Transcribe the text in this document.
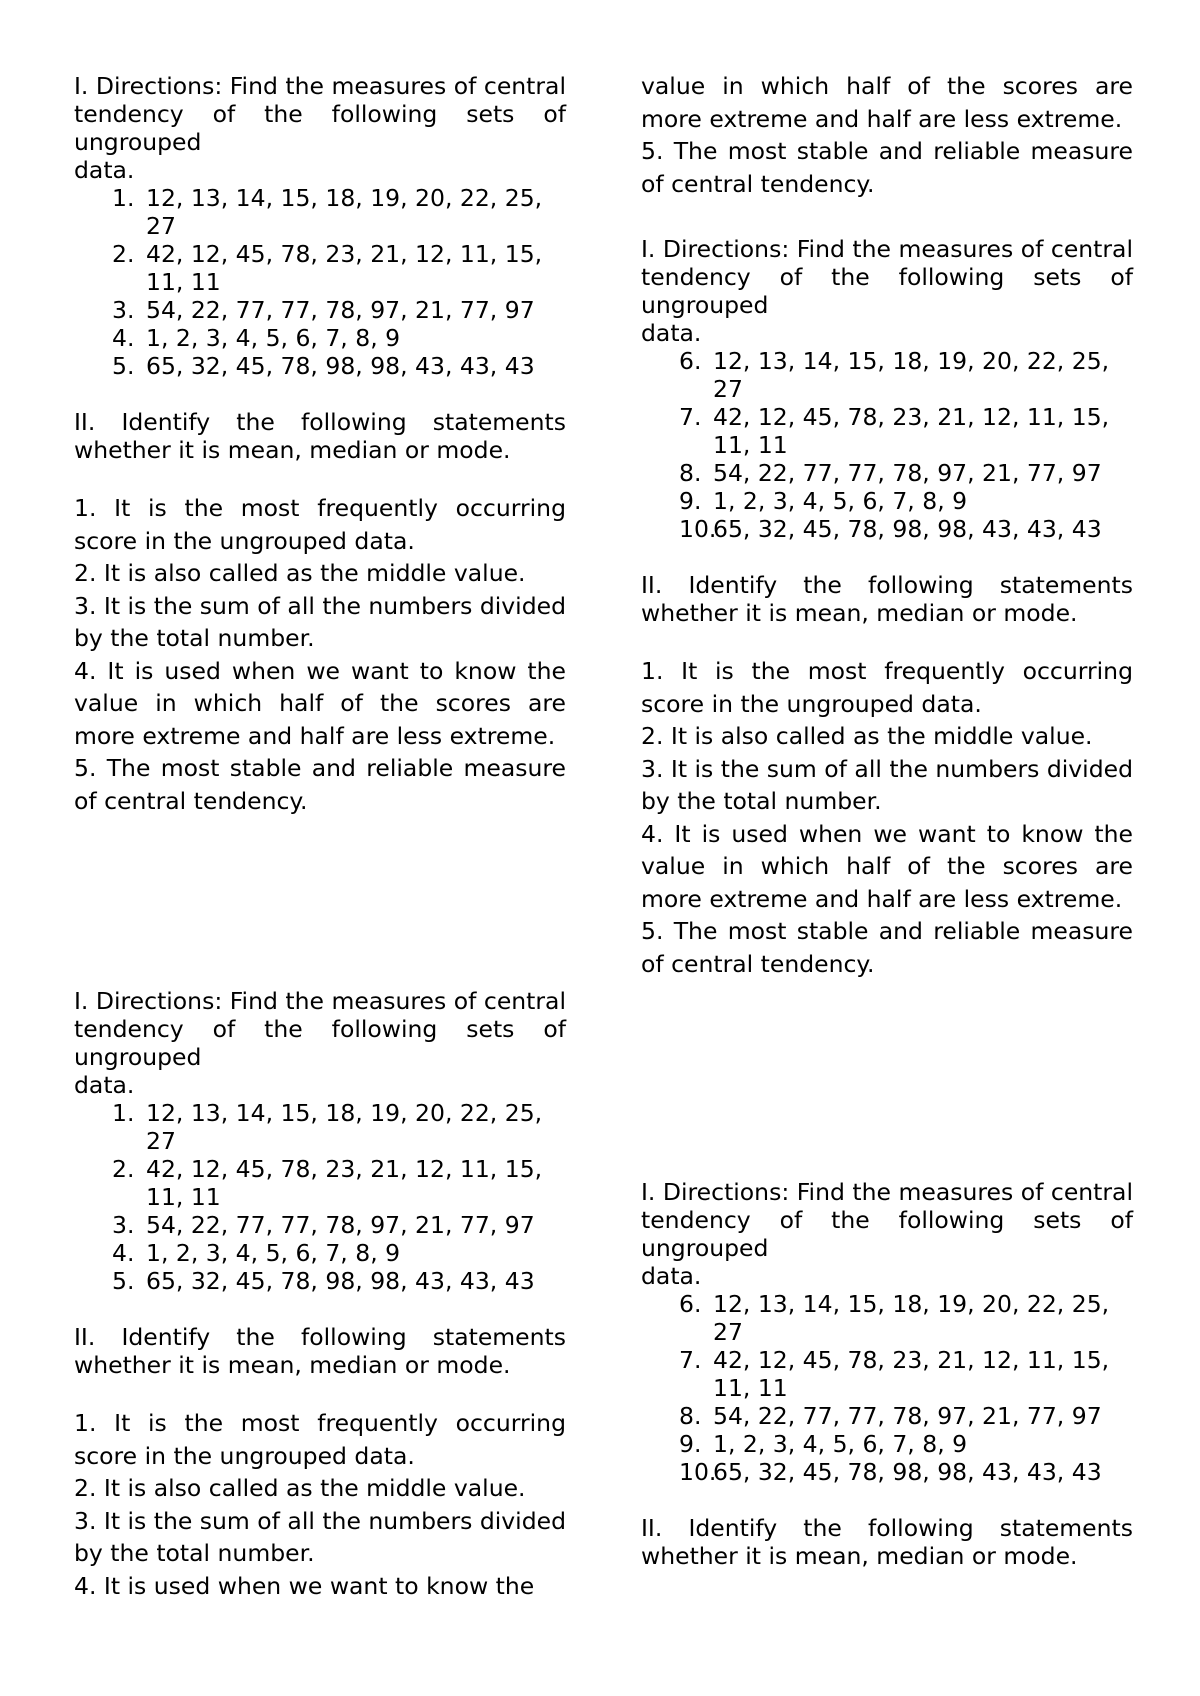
I. Directions: Find the measures of central tendency of the following sets of ungrouped
data.

1. 12, 13, 14, 15, 18, 19, 20, 22, 25, 27
2. 42, 12, 45, 78, 23, 21, 12, 11, 15, 11, 11
3. 54, 22, 77, 77, 78, 97, 21, 77, 97
4. 1, 2, 3, 4, 5, 6, 7, 8, 9
5. 65, 32, 45, 78, 98, 98, 43, 43, 43

II. Identify the following statements whether it is mean, median or mode.

1. It is the most frequently occurring score in the ungrouped data.

2. It is also called as the middle value.

3. It is the sum of all the numbers divided by the total number.

4. It is used when we want to know the value in which half of the scores are more extreme and half are less extreme.

5. The most stable and reliable measure of central tendency.

I. Directions: Find the measures of central tendency of the following sets of ungrouped
data.

1. 12, 13, 14, 15, 18, 19, 20, 22, 25, 27
2. 42, 12, 45, 78, 23, 21, 12, 11, 15, 11, 11
3. 54, 22, 77, 77, 78, 97, 21, 77, 97
4. 1, 2, 3, 4, 5, 6, 7, 8, 9
5. 65, 32, 45, 78, 98, 98, 43, 43, 43

II. Identify the following statements whether it is mean, median or mode.

1. It is the most frequently occurring score in the ungrouped data.

2. It is also called as the middle value.

3. It is the sum of all the numbers divided by the total number.

4. It is used when we want to know the

value in which half of the scores are more extreme and half are less extreme.

5. The most stable and reliable measure of central tendency.

I. Directions: Find the measures of central tendency of the following sets of ungrouped
data.

6. 12, 13, 14, 15, 18, 19, 20, 22, 25, 27
7. 42, 12, 45, 78, 23, 21, 12, 11, 15, 11, 11
8. 54, 22, 77, 77, 78, 97, 21, 77, 97
9. 1, 2, 3, 4, 5, 6, 7, 8, 9
10.
65, 32, 45, 78, 98, 98, 43, 43, 43

II. Identify the following statements whether it is mean, median or mode.

1. It is the most frequently occurring score in the ungrouped data.

2. It is also called as the middle value.

3. It is the sum of all the numbers divided by the total number.

4. It is used when we want to know the value in which half of the scores are more extreme and half are less extreme.

5. The most stable and reliable measure of central tendency.

I. Directions: Find the measures of central tendency of the following sets of ungrouped
data.

6. 12, 13, 14, 15, 18, 19, 20, 22, 25, 27
7. 42, 12, 45, 78, 23, 21, 12, 11, 15, 11, 11
8. 54, 22, 77, 77, 78, 97, 21, 77, 97
9. 1, 2, 3, 4, 5, 6, 7, 8, 9
10.
65, 32, 45, 78, 98, 98, 43, 43, 43

II. Identify the following statements whether it is mean, median or mode.
